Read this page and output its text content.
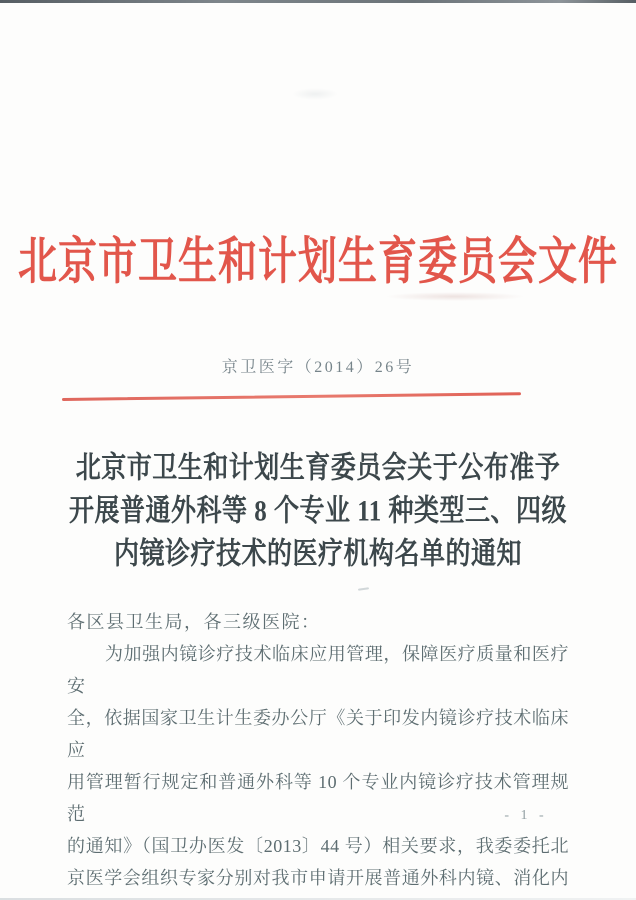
北京市卫生和计划生育委员会文件
京卫医字（2014）26号
北京市卫生和计划生育委员会关于公布准予
开展普通外科等 8 个专业 11 种类型三、四级
内镜诊疗技术的医疗机构名单的通知
各区县卫生局，各三级医院：
为加强内镜诊疗技术临床应用管理，保障医疗质量和医疗安
全，依据国家卫生计生委办公厅《关于印发内镜诊疗技术临床应
用管理暂行规定和普通外科等 10 个专业内镜诊疗技术管理规范
的通知》（国卫办医发〔2013〕44 号）相关要求，我委委托北
京医学会组织专家分别对我市申请开展普通外科内镜、消化内
- 1 -
